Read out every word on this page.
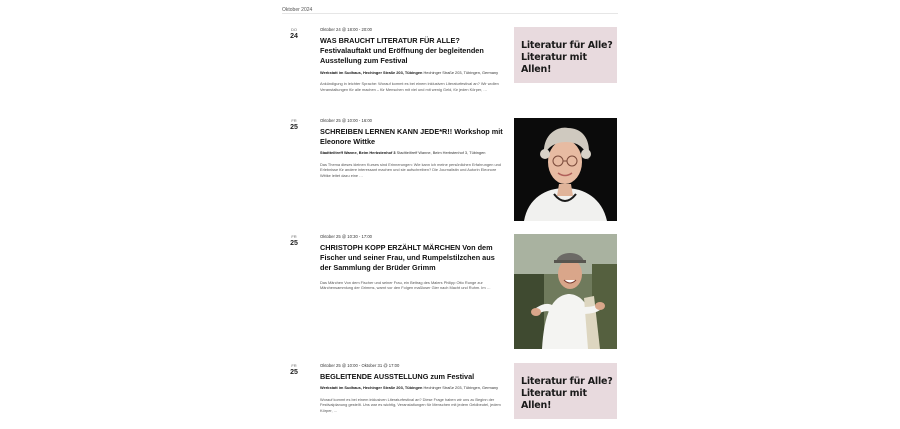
Oktober 2024
DO
24
Oktober 24 @ 18:00 - 20:00
WAS BRAUCHT LITERATUR FÜR ALLE? Festivalauftakt und Eröffnung der begleitenden Ausstellung zum Festival
Werkstatt im Sudhaus, Hechinger Straße 203, Tübingen Hechinger Straße 203, Tübingen, Germany
Ankündigung in leichter Sprache: Worauf kommt es bei einem inklusiven Literaturfestival an? Wir wollen Veranstaltungen für alle machen – für Menschen mit viel und mit wenig Geld, für jeden Körper, …
Literatur für Alle?
Literatur mit Allen!
FR
25
Oktober 25 @ 10:00 - 16:00
SCHREIBEN LERNEN KANN JEDE*R!! Workshop mit Eleonore Wittke
Stadtteiltreff Wanne, Beim Herbstenhof 3 Stadtteiltreff Wanne, Beim Herbstenhof 3, Tübingen
Das Thema dieses kleinen Kurses sind Erinnerungen: Wie kann ich meine persönlichen Erfahrungen und Erlebnisse für andere interessant machen und sie aufschreiben? Die Journalistin und Autorin Eleonore Wittke leitet dazu eine …
FR
25
Oktober 25 @ 10:30 - 17:00
CHRISTOPH KOPP ERZÄHLT MÄRCHEN Von dem Fischer und seiner Frau, und Rumpelstilzchen aus der Sammlung der Brüder Grimm
Das Märchen Von dem Fischer und seiner Frau, ein Beitrag des Malers Philipp Otto Runge zur Märchensammlung der Grimms, warnt vor den Folgen maßloser Gier nach Macht und Ruhm. Im …
FR
25
Oktober 25 @ 10:00 - Oktober 31 @ 17:00
BEGLEITENDE AUSSTELLUNG zum Festival
Werkstatt im Sudhaus, Hechinger Straße 203, Tübingen Hechinger Straße 203, Tübingen, Germany
Worauf kommt es bei einem inklusiven Literaturfestival an? Diese Frage haben wir uns zu Beginn der Festivalplanung gestellt. Uns war es wichtig, Veranstaltungen für Menschen mit jedem Geldbeutel, jedem Körper, …
Literatur für Alle?
Literatur mit Allen!
